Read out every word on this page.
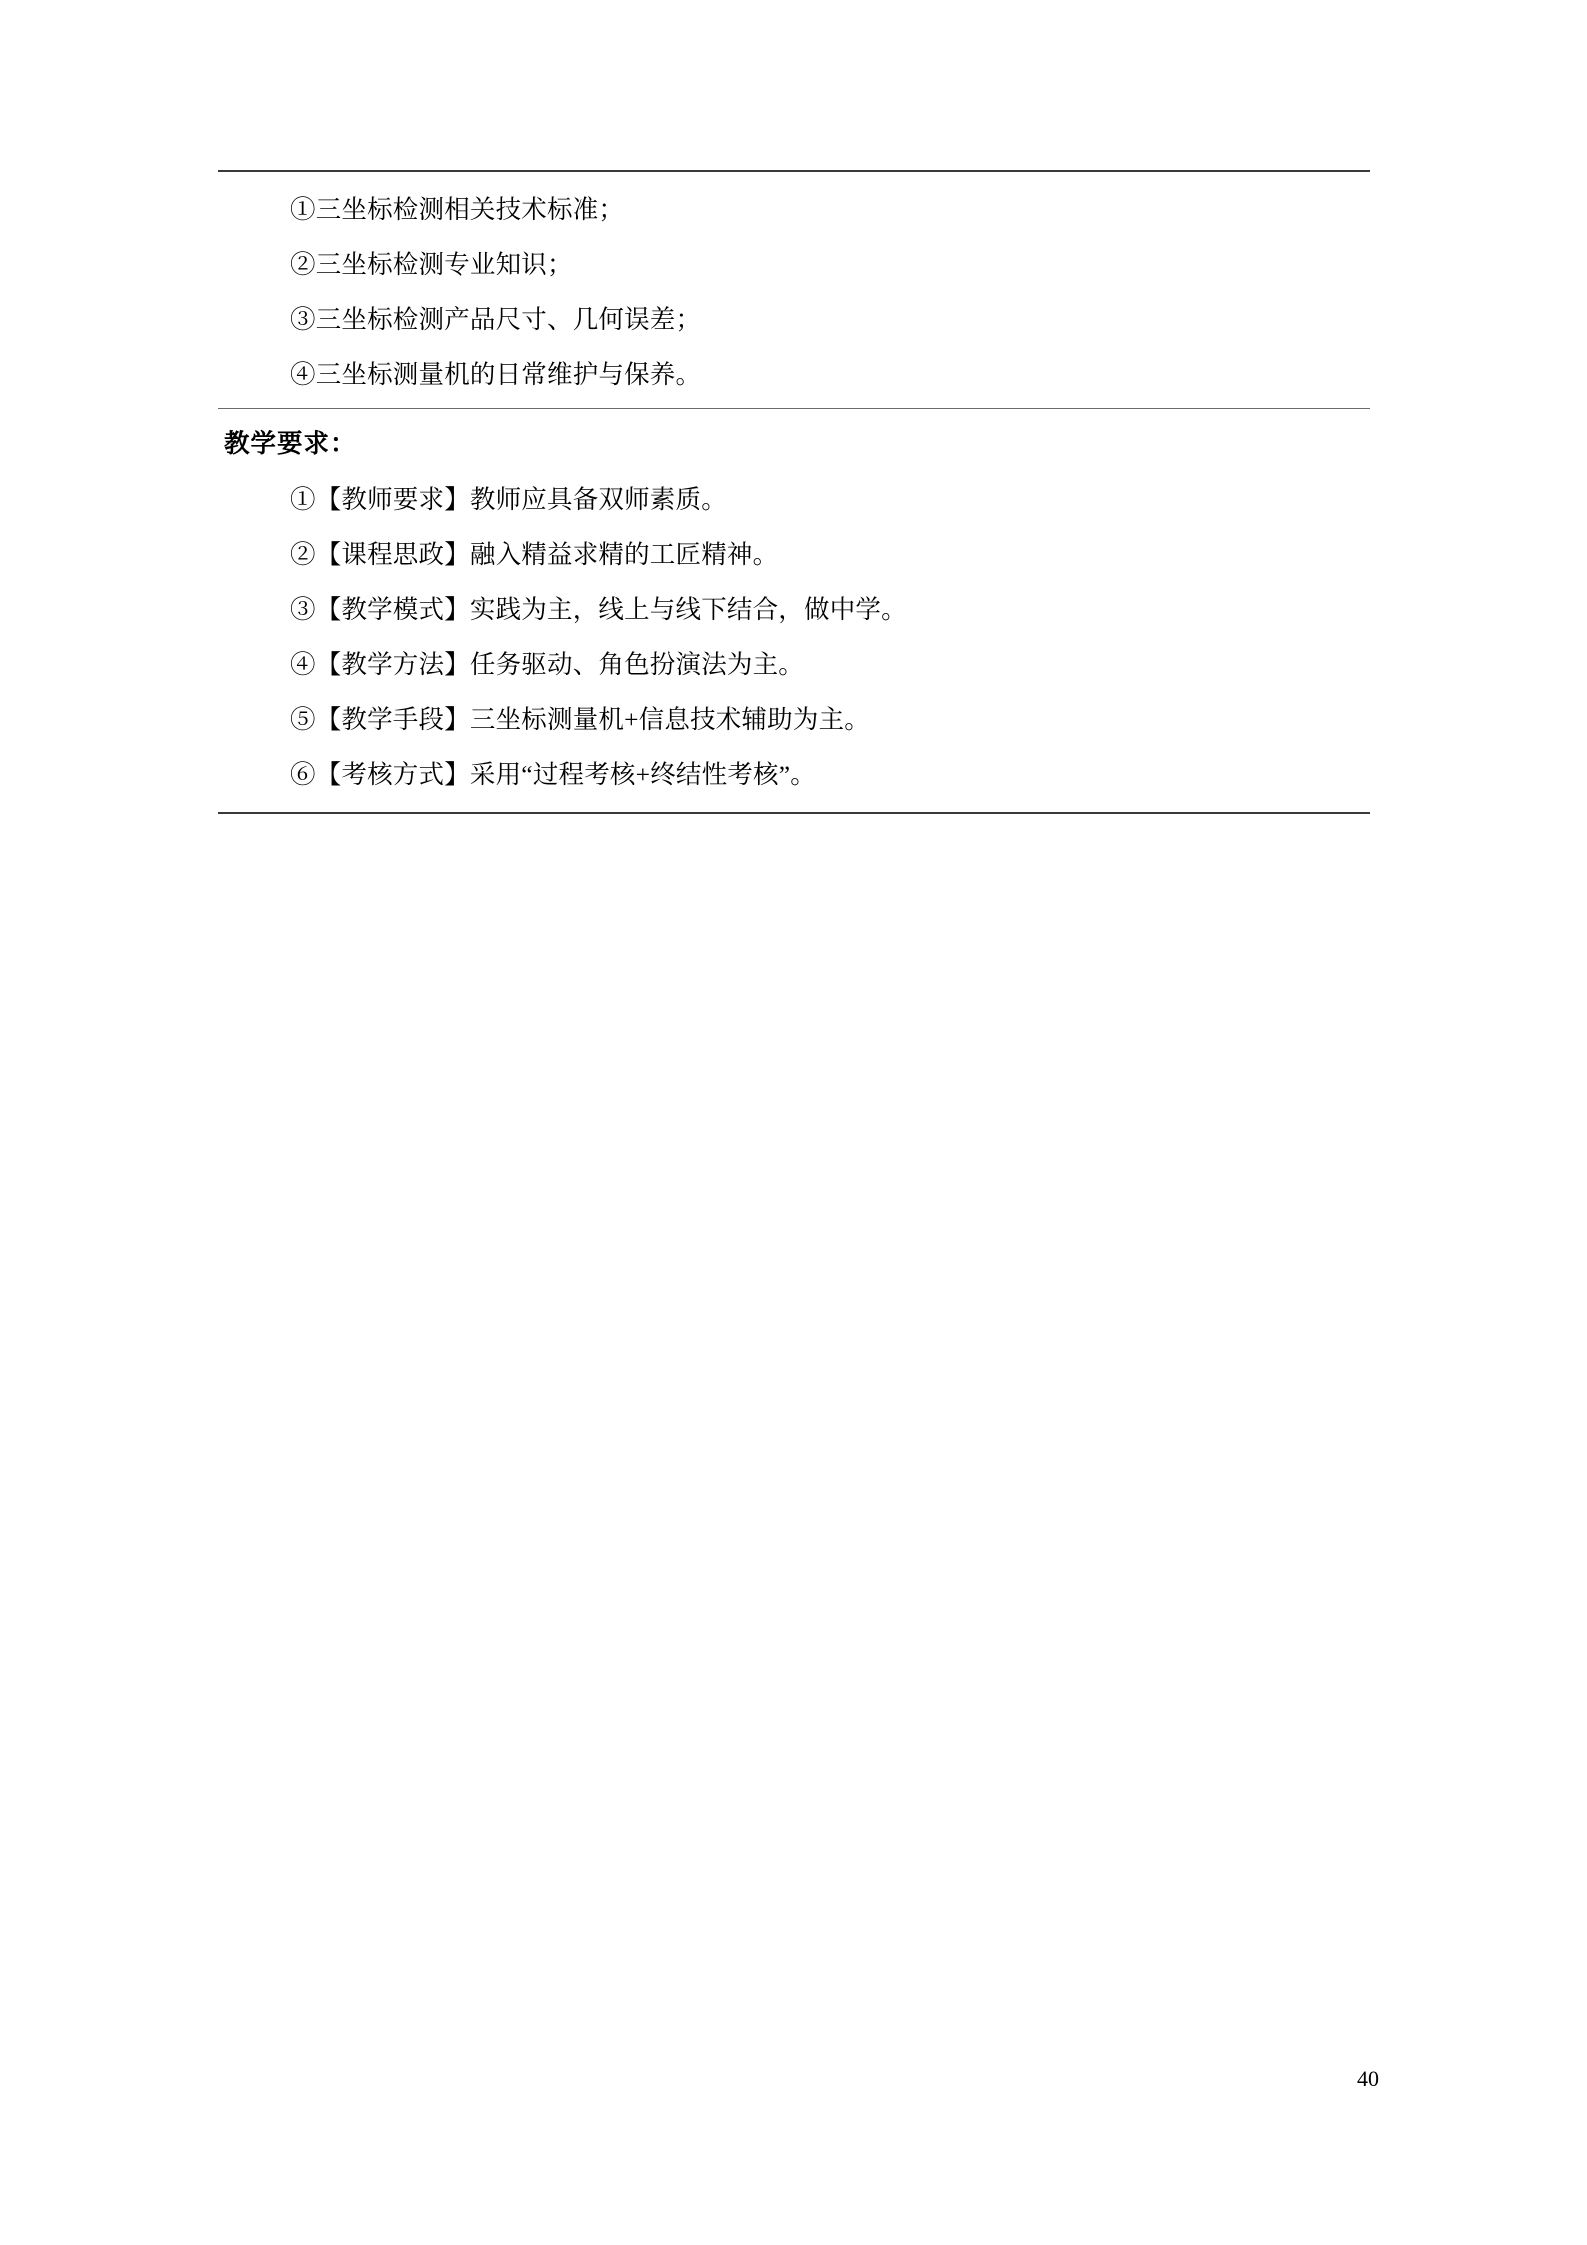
①三坐标检测相关技术标准；
②三坐标检测专业知识；
③三坐标检测产品尺寸、几何误差；
④三坐标测量机的日常维护与保养。
教学要求：
①【教师要求】教师应具备双师素质。
②【课程思政】融入精益求精的工匠精神。
③【教学模式】实践为主，线上与线下结合，做中学。
④【教学方法】任务驱动、角色扮演法为主。
⑤【教学手段】三坐标测量机+信息技术辅助为主。
⑥【考核方式】采用“过程考核+终结性考核”。
40
